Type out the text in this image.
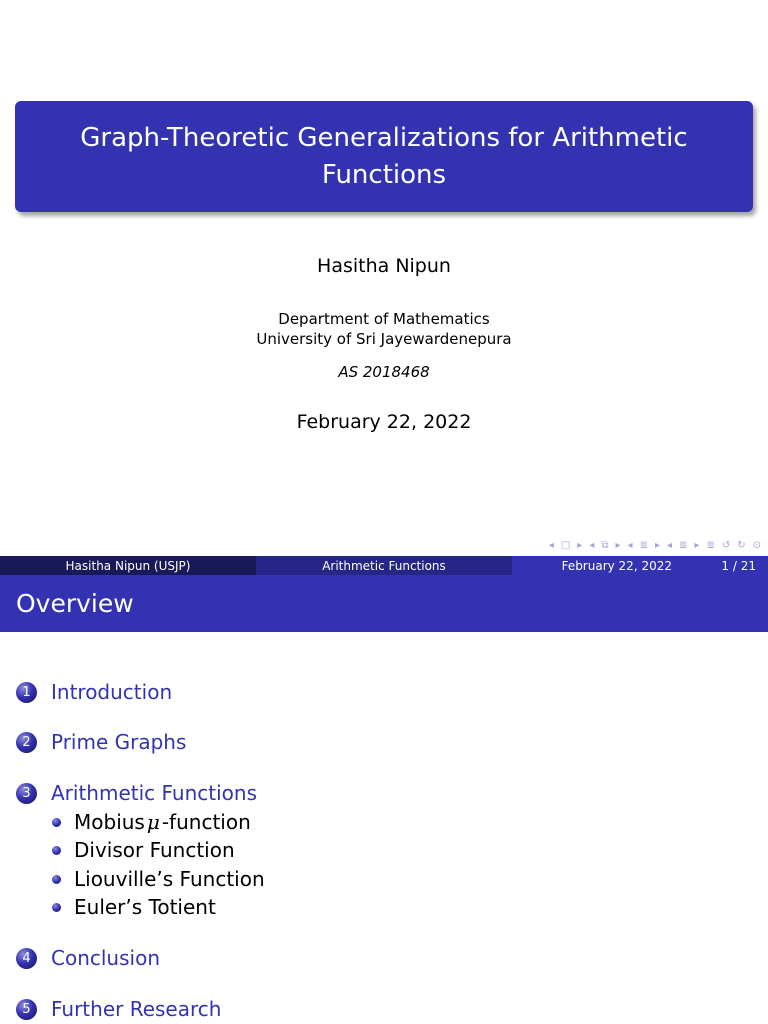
Graph-Theoretic Generalizations for Arithmetic Functions
Hasitha Nipun
Department of Mathematics
University of Sri Jayewardenepura
AS 2018468
February 22, 2022
◂ □ ▸ ◂ ⧉ ▸ ◂ ≣ ▸ ◂ ≣ ▸ ≣ ↺ ↻ ⊙
Hasitha Nipun (USJP)	Arithmetic Functions	February 22, 2022	1 / 21
Overview
1	Introduction
2	Prime Graphs
3	Arithmetic Functions
Mobius μ -function
Divisor Function
Liouville’s Function
Euler’s Totient
4	Conclusion
5	Further Research
